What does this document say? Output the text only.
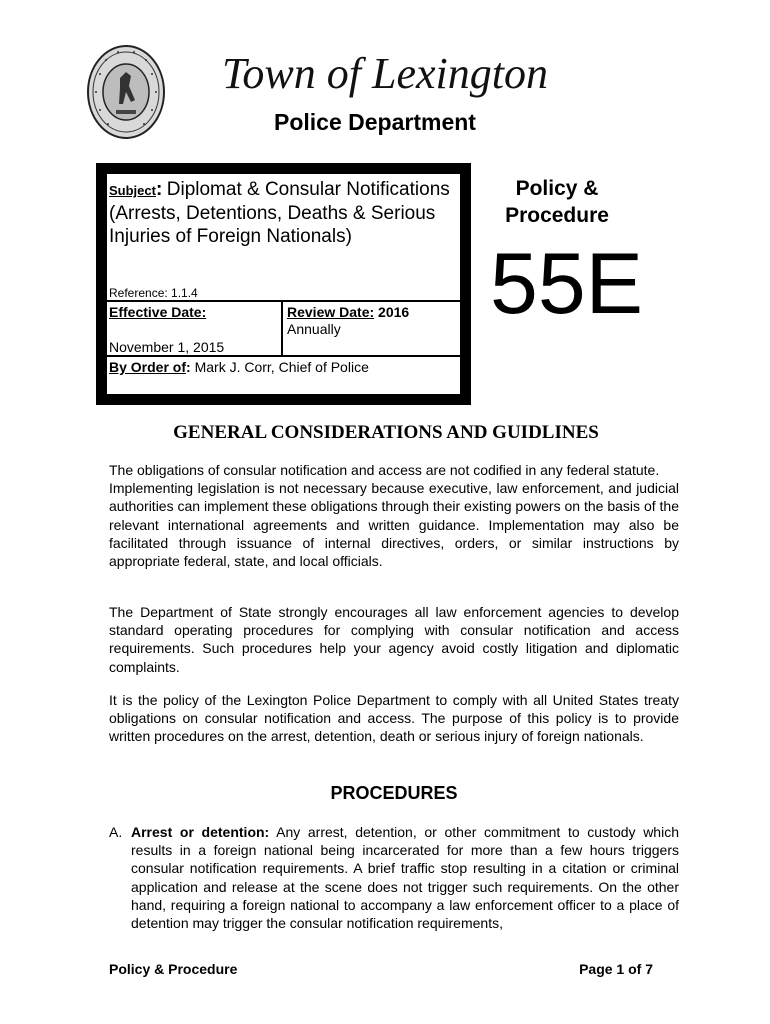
Town of Lexington
Police Department
Subject: Diplomat & Consular Notifications (Arrests, Detentions, Deaths & Serious Injuries of Foreign Nationals)
Reference: 1.1.4
Effective Date:
November 1, 2015
Review Date: 2016
Annually
By Order of: Mark J. Corr, Chief of Police
Policy & Procedure
55E
GENERAL CONSIDERATIONS AND GUIDLINES
The obligations of consular notification and access are not codified in any federal statute.
Implementing legislation is not necessary because executive, law enforcement, and judicial authorities can implement these obligations through their existing powers on the basis of the relevant international agreements and written guidance. Implementation may also be facilitated through issuance of internal directives, orders, or similar instructions by appropriate federal, state, and local officials.
The Department of State strongly encourages all law enforcement agencies to develop standard operating procedures for complying with consular notification and access requirements. Such procedures help your agency avoid costly litigation and diplomatic complaints.
It is the policy of the Lexington Police Department to comply with all United States treaty obligations on consular notification and access. The purpose of this policy is to provide written procedures on the arrest, detention, death or serious injury of foreign nationals.
PROCEDURES
A. Arrest or detention: Any arrest, detention, or other commitment to custody which results in a foreign national being incarcerated for more than a few hours triggers consular notification requirements. A brief traffic stop resulting in a citation or criminal application and release at the scene does not trigger such requirements. On the other hand, requiring a foreign national to accompany a law enforcement officer to a place of detention may trigger the consular notification requirements,
Policy & Procedure	Page 1 of 7
